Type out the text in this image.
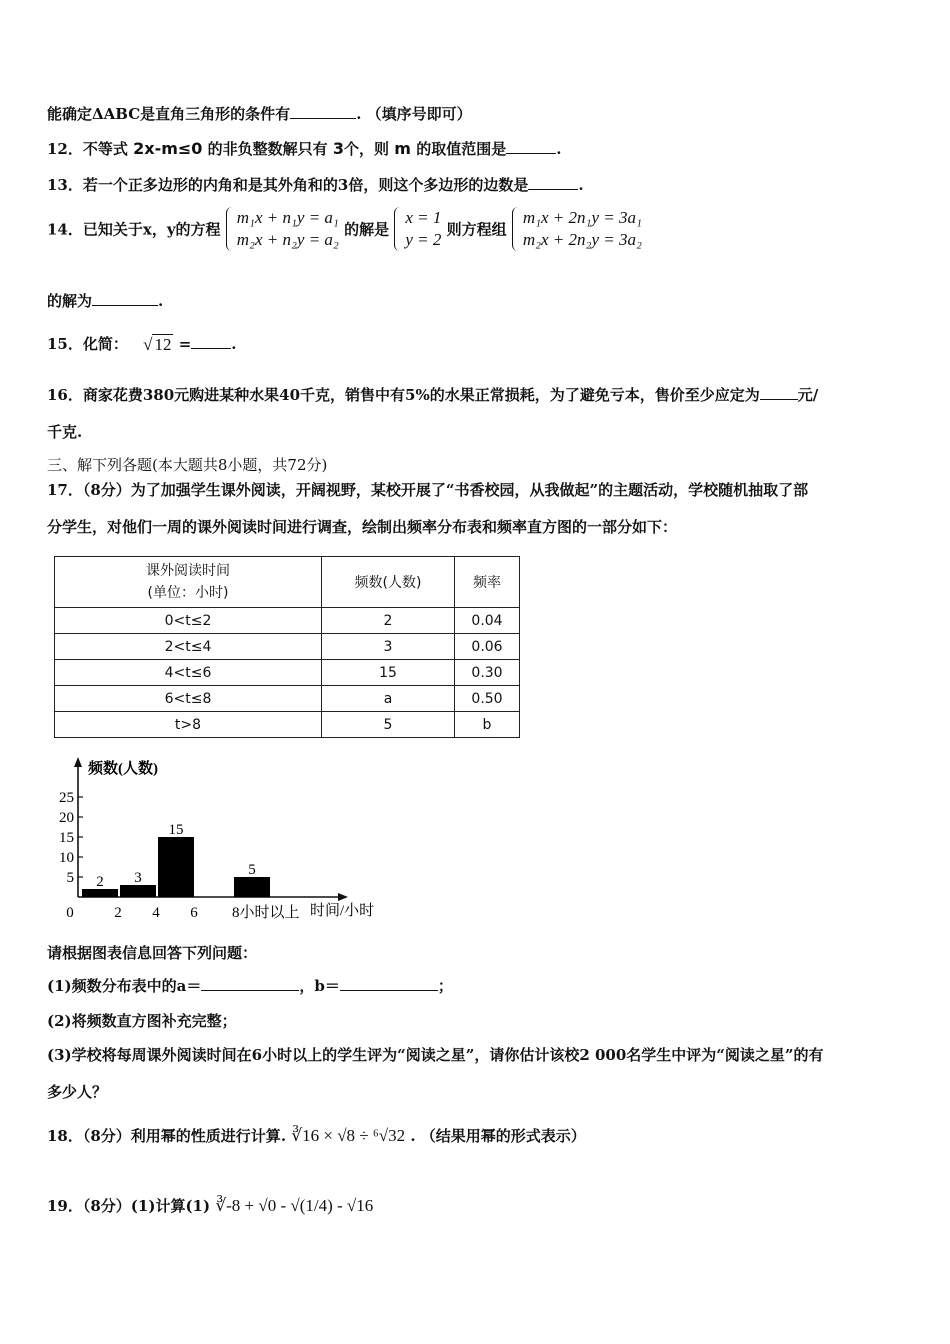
能确定ΔABC是直角三角形的条件有	. （填序号即可）
12．不等式 2x-m≤0 的非负整数解只有 3个，则 m 的取值范围是	.
13．若一个正多边形的内角和是其外角和的3倍，则这个多边形的边数是	.
14．已知关于x，y的方程
m₁x + n₁y = a₁
m₂x + n₂y = a₂
的解是
x = 1
y = 2
则方程组
m₁x + 2n₁y = 3a₁
m₂x + 2n₂y = 3a₂
的解为	.
15．化简： √ 12 =	.
16．商家花费380元购进某种水果40千克，销售中有5%的水果正常损耗，为了避免亏本，售价至少应定为	元/
千克.
三、解下列各题(本大题共8小题，共72分)
17．（8分）为了加强学生课外阅读，开阔视野，某校开展了“书香校园，从我做起”的主题活动，学校随机抽取了部
分学生，对他们一周的课外阅读时间进行调查，绘制出频率分布表和频率直方图的一部分如下：
课外阅读时间
(单位：小时)	频数(人数)	频率
0<t≤2	2	0.04
2<t≤4	3	0.06
4<t≤6	15	0.30
6<t≤8	a	0.50
t>8	5	b
频数(人数)
时间/小时
5
10
15
20
25
0	2 4 6 8小时以上
2 3
15
5
请根据图表信息回答下列问题：
(1)频数分布表中的a＝	，b＝	；
(2)将频数直方图补充完整；
(3)学校将每周课外阅读时间在6小时以上的学生评为“阅读之星”，请你估计该校2 000名学生中评为“阅读之星”的有
多少人？
18．（8分）利用幂的性质进行计算. ∛16 × √8 ÷ ⁶√32 . （结果用幂的形式表示）
19．（8分）(1)计算(1) ∛-8 + √0 - √(1/4) - √16
